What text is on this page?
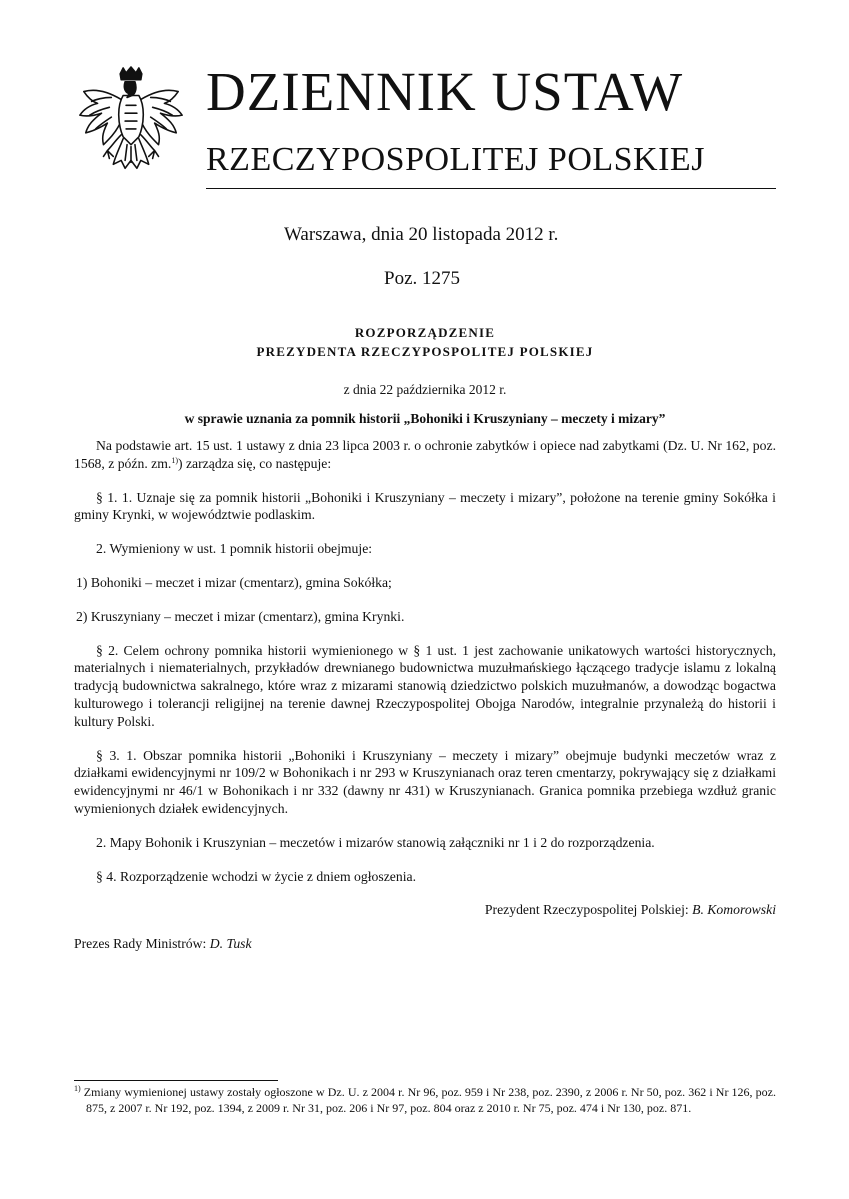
DZIENNIK USTAW
RZECZYPOSPOLITEJ POLSKIEJ
Warszawa, dnia 20 listopada 2012 r.
Poz. 1275
ROZPORZĄDZENIE
PREZYDENTA RZECZYPOSPOLITEJ POLSKIEJ
z dnia 22 października 2012 r.
w sprawie uznania za pomnik historii „Bohoniki i Kruszyniany – meczety i mizary”

Na podstawie art. 15 ust. 1 ustawy z dnia 23 lipca 2003 r. o ochronie zabytków i opiece nad zabytkami (Dz. U. Nr 162, poz. 1568, z późn. zm.$^{1)}$) zarządza się, co następuje:

§ 1. 1. Uznaje się za pomnik historii „Bohoniki i Kruszyniany – meczety i mizary”, położone na terenie gminy Sokółka i gminy Krynki, w województwie podlaskim.

2. Wymieniony w ust. 1 pomnik historii obejmuje:

1) Bohoniki – meczet i mizar (cmentarz), gmina Sokółka;

2) Kruszyniany – meczet i mizar (cmentarz), gmina Krynki.

§ 2. Celem ochrony pomnika historii wymienionego w § 1 ust. 1 jest zachowanie unikatowych wartości historycznych, materialnych i niematerialnych, przykładów drewnianego budownictwa muzułmańskiego łączącego tradycje islamu z lokalną tradycją budownictwa sakralnego, które wraz z mizarami stanowią dziedzictwo polskich muzułmanów, a dowodząc bogactwa kulturowego i tolerancji religijnej na terenie dawnej Rzeczypospolitej Obojga Narodów, integralnie przynależą do historii i kultury Polski.

§ 3. 1. Obszar pomnika historii „Bohoniki i Kruszyniany – meczety i mizary” obejmuje budynki meczetów wraz z działkami ewidencyjnymi nr 109/2 w Bohonikach i nr 293 w Kruszynianach oraz teren cmentarzy, pokrywający się z działkami ewidencyjnymi nr 46/1 w Bohonikach i nr 332 (dawny nr 431) w Kruszynianach. Granica pomnika przebiega wzdłuż granic wymienionych działek ewidencyjnych.

2. Mapy Bohonik i Kruszynian – meczetów i mizarów stanowią załączniki nr 1 i 2 do rozporządzenia.

§ 4. Rozporządzenie wchodzi w życie z dniem ogłoszenia.

Prezydent Rzeczypospolitej Polskiej: B. Komorowski

Prezes Rady Ministrów: D. Tusk

$^{1)}$ Zmiany wymienionej ustawy zostały ogłoszone w Dz. U. z 2004 r. Nr 96, poz. 959 i Nr 238, poz. 2390, z 2006 r. Nr 50, poz. 362 i Nr 126, poz. 875, z 2007 r. Nr 192, poz. 1394, z 2009 r. Nr 31, poz. 206 i Nr 97, poz. 804 oraz z 2010 r. Nr 75, poz. 474 i Nr 130, poz. 871.
